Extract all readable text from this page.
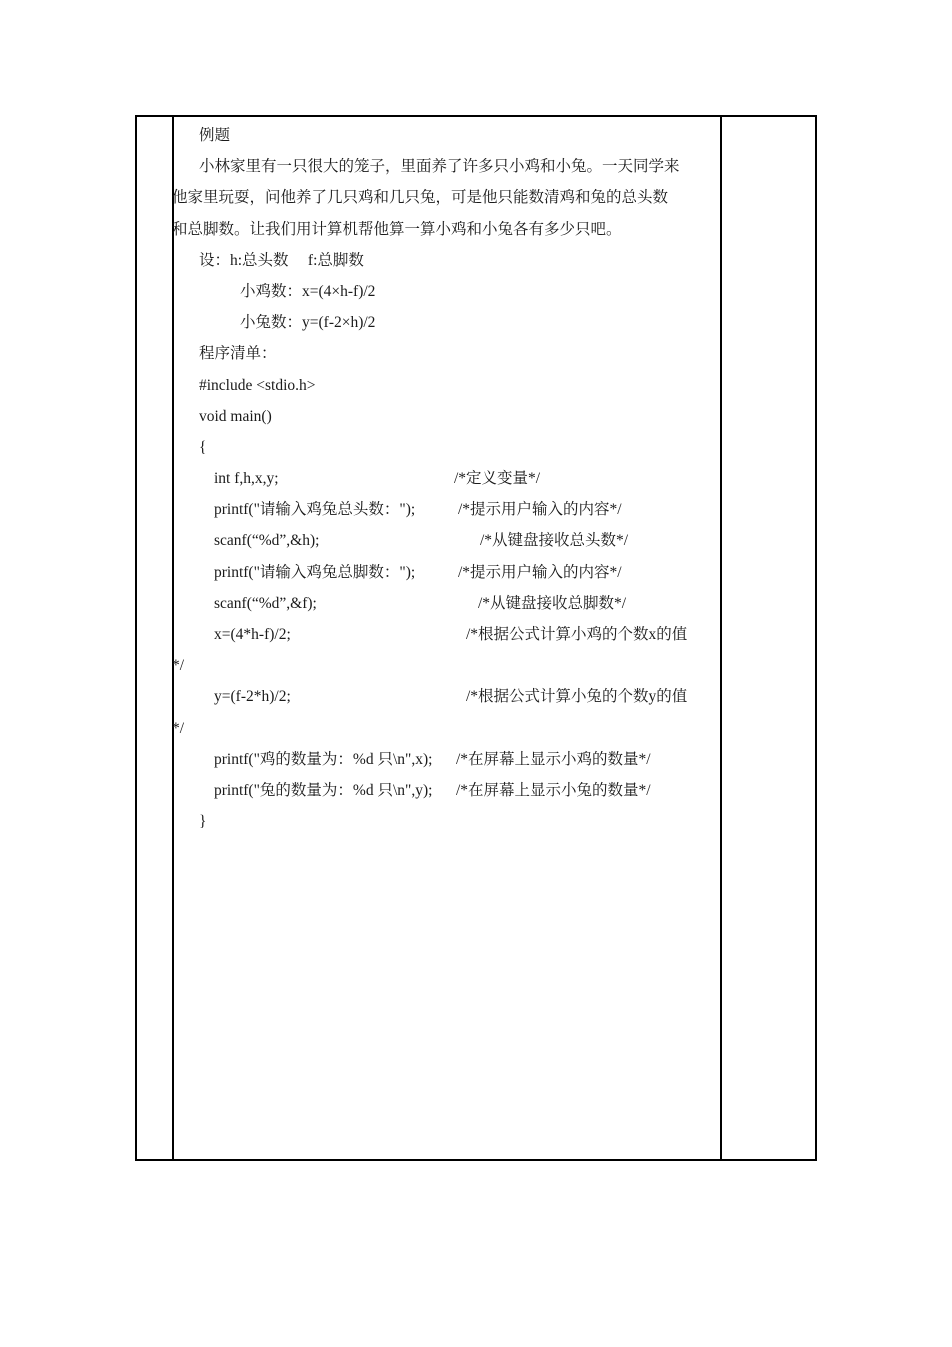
例题
小林家里有一只很大的笼子，里面养了许多只小鸡和小兔。一天同学来
他家里玩耍，问他养了几只鸡和几只兔，可是他只能数清鸡和兔的总头数
和总脚数。让我们用计算机帮他算一算小鸡和小兔各有多少只吧。
设：h:总头数     f:总脚数
小鸡数：x=(4×h-f)/2
小兔数：y=(f-2×h)/2
程序清单：
#include <stdio.h>
void main()
{

int f,h,x,y;

	/*定义变量*/

printf("请输入鸡兔总头数：");

	/*提示用户输入的内容*/

scanf(“%d”,&h);

	/*从键盘接收总头数*/

printf("请输入鸡兔总脚数：");

	/*提示用户输入的内容*/

scanf(“%d”,&f);

	/*从键盘接收总脚数*/

x=(4*h-f)/2;

	/*根据公式计算小鸡的个数x的值

*/

y=(f-2*h)/2;

	/*根据公式计算小兔的个数y的值

*/

printf("鸡的数量为：%d 只\n",x);

/*在屏幕上显示小鸡的数量*/

printf("兔的数量为：%d 只\n",y);

/*在屏幕上显示小兔的数量*/

}
